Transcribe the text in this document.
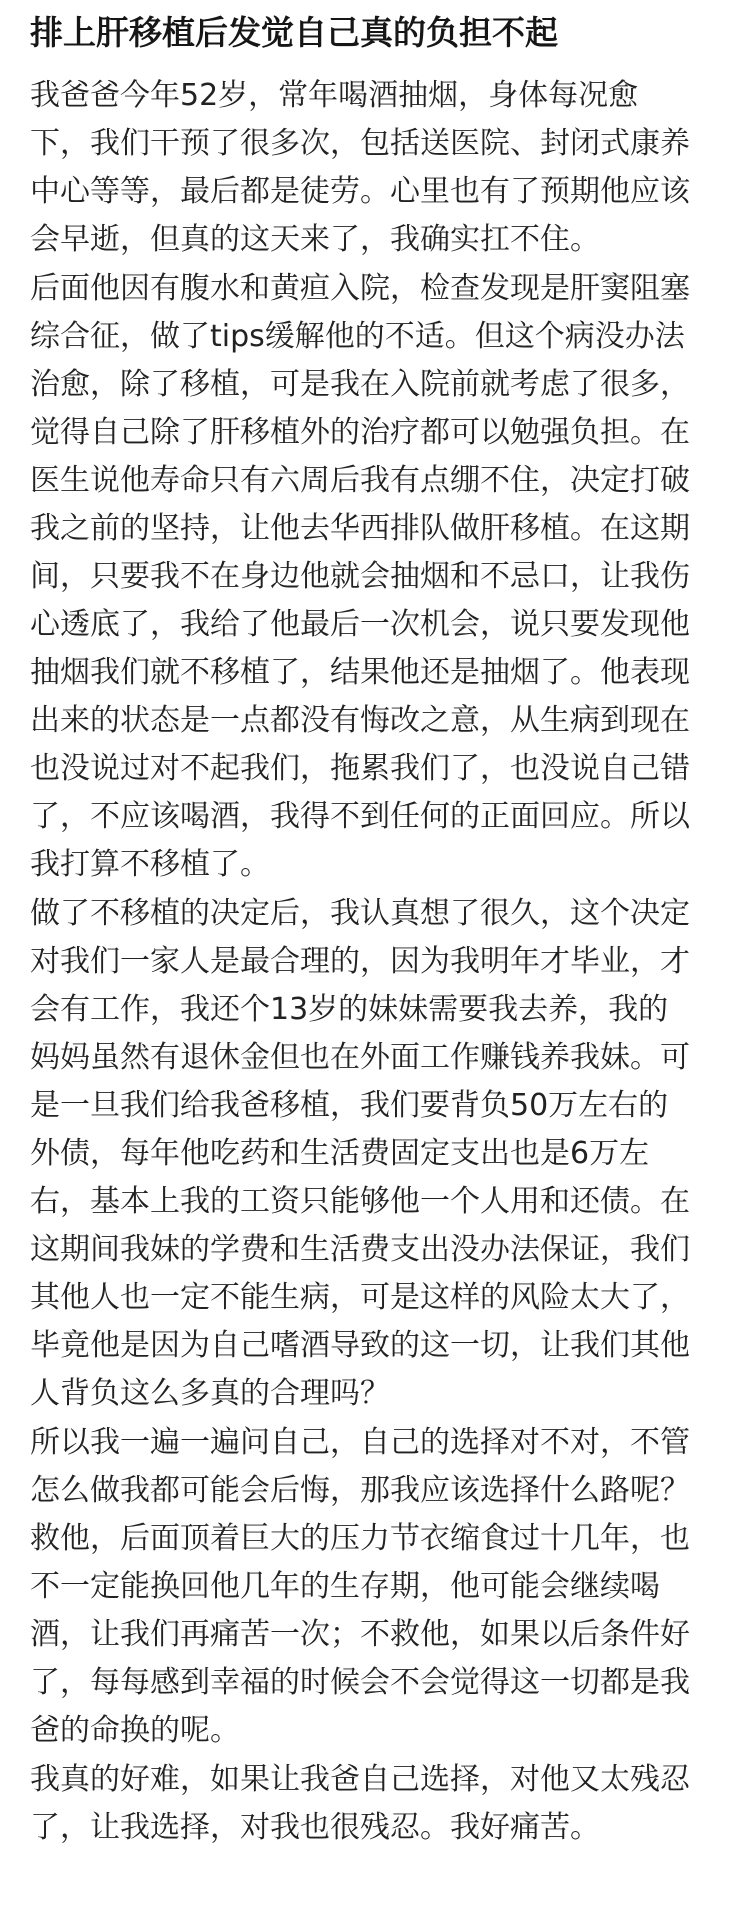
排上肝移植后发觉自己真的负担不起
我爸爸今年52岁，常年喝酒抽烟，身体每况愈
下，我们干预了很多次，包括送医院、封闭式康养
中心等等，最后都是徒劳。心里也有了预期他应该
会早逝，但真的这天来了，我确实扛不住。
后面他因有腹水和黄疸入院，检查发现是肝窦阻塞
综合征，做了tips缓解他的不适。但这个病没办法
治愈，除了移植，可是我在入院前就考虑了很多，
觉得自己除了肝移植外的治疗都可以勉强负担。在
医生说他寿命只有六周后我有点绷不住，决定打破
我之前的坚持，让他去华西排队做肝移植。在这期
间，只要我不在身边他就会抽烟和不忌口，让我伤
心透底了，我给了他最后一次机会，说只要发现他
抽烟我们就不移植了，结果他还是抽烟了。他表现
出来的状态是一点都没有悔改之意，从生病到现在
也没说过对不起我们，拖累我们了，也没说自己错
了，不应该喝酒，我得不到任何的正面回应。所以
我打算不移植了。
做了不移植的决定后，我认真想了很久，这个决定
对我们一家人是最合理的，因为我明年才毕业，才
会有工作，我还个13岁的妹妹需要我去养，我的
妈妈虽然有退休金但也在外面工作赚钱养我妹。可
是一旦我们给我爸移植，我们要背负50万左右的
外债，每年他吃药和生活费固定支出也是6万左
右，基本上我的工资只能够他一个人用和还债。在
这期间我妹的学费和生活费支出没办法保证，我们
其他人也一定不能生病，可是这样的风险太大了，
毕竟他是因为自己嗜酒导致的这一切，让我们其他
人背负这么多真的合理吗？
所以我一遍一遍问自己，自己的选择对不对，不管
怎么做我都可能会后悔，那我应该选择什么路呢？
救他，后面顶着巨大的压力节衣缩食过十几年，也
不一定能换回他几年的生存期，他可能会继续喝
酒，让我们再痛苦一次；不救他，如果以后条件好
了，每每感到幸福的时候会不会觉得这一切都是我
爸的命换的呢。
我真的好难，如果让我爸自己选择，对他又太残忍
了，让我选择，对我也很残忍。我好痛苦。
